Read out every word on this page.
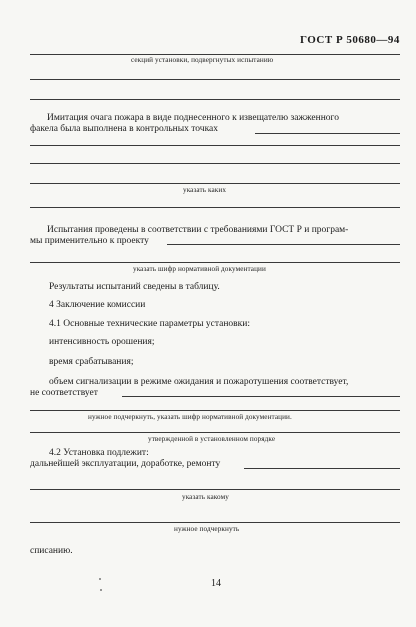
ГОСТ Р 50680—94
секций установки, подвергнутых испытанию
Имитация очага пожара в виде поднесенного к извещателю зажженного
факела была выполнена в контрольных точках
указать каких
Испытания проведены в соответствии с требованиями ГОСТ Р и програм-
мы применительно к проекту
указать шифр нормативной документации
Результаты испытаний сведены в таблицу.
4 Заключение комиссии
4.1 Основные технические параметры установки:
интенсивность орошения;
время срабатывания;
объем сигнализации в режиме ожидания и пожаротушения соответствует,
не соответствует
нужное подчеркнуть, указать шифр нормативной документации.
утвержденной в установленном порядке
4.2 Установка подлежит:
дальнейшей эксплуатации, доработке, ремонту
указать какому
нужное подчеркнуть
списанию.
14
